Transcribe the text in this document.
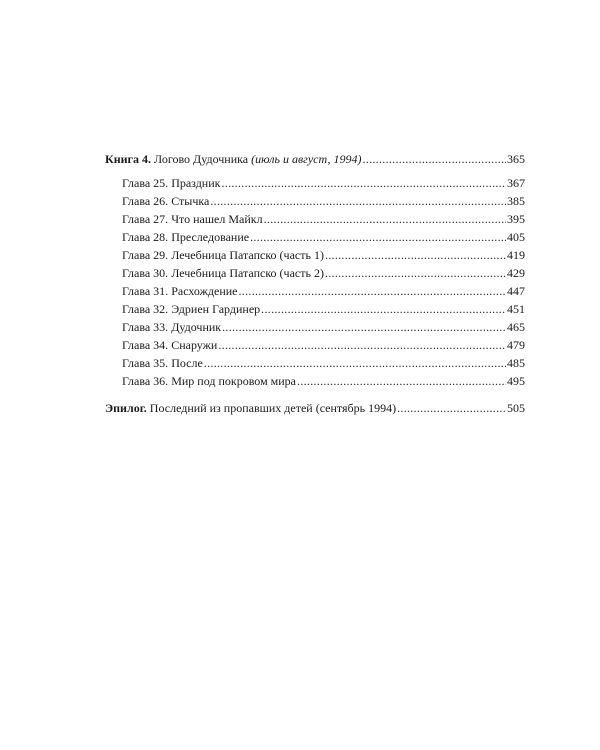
Книга 4.
Логово Дудочника
(июль и август, 1994) .....	365
Глава 25.
Праздник .....	367
Глава 26.
Стычка .....	385
Глава 27.
Что нашел Майкл .....	395
Глава 28.
Преследование .....	405
Глава 29.
Лечебница Патапско (часть 1) .....	419
Глава 30.
Лечебница Патапско (часть 2) .....	429
Глава 31.
Расхождение .....	447
Глава 32.
Эдриен Гардинер .....	451
Глава 33.
Дудочник .....	465
Глава 34.
Снаружи .....	479
Глава 35.
После .....	485
Глава 36.
Мир под покровом мира .....	495
Эпилог.
Последний из пропавших детей (сентябрь 1994) .....	505
